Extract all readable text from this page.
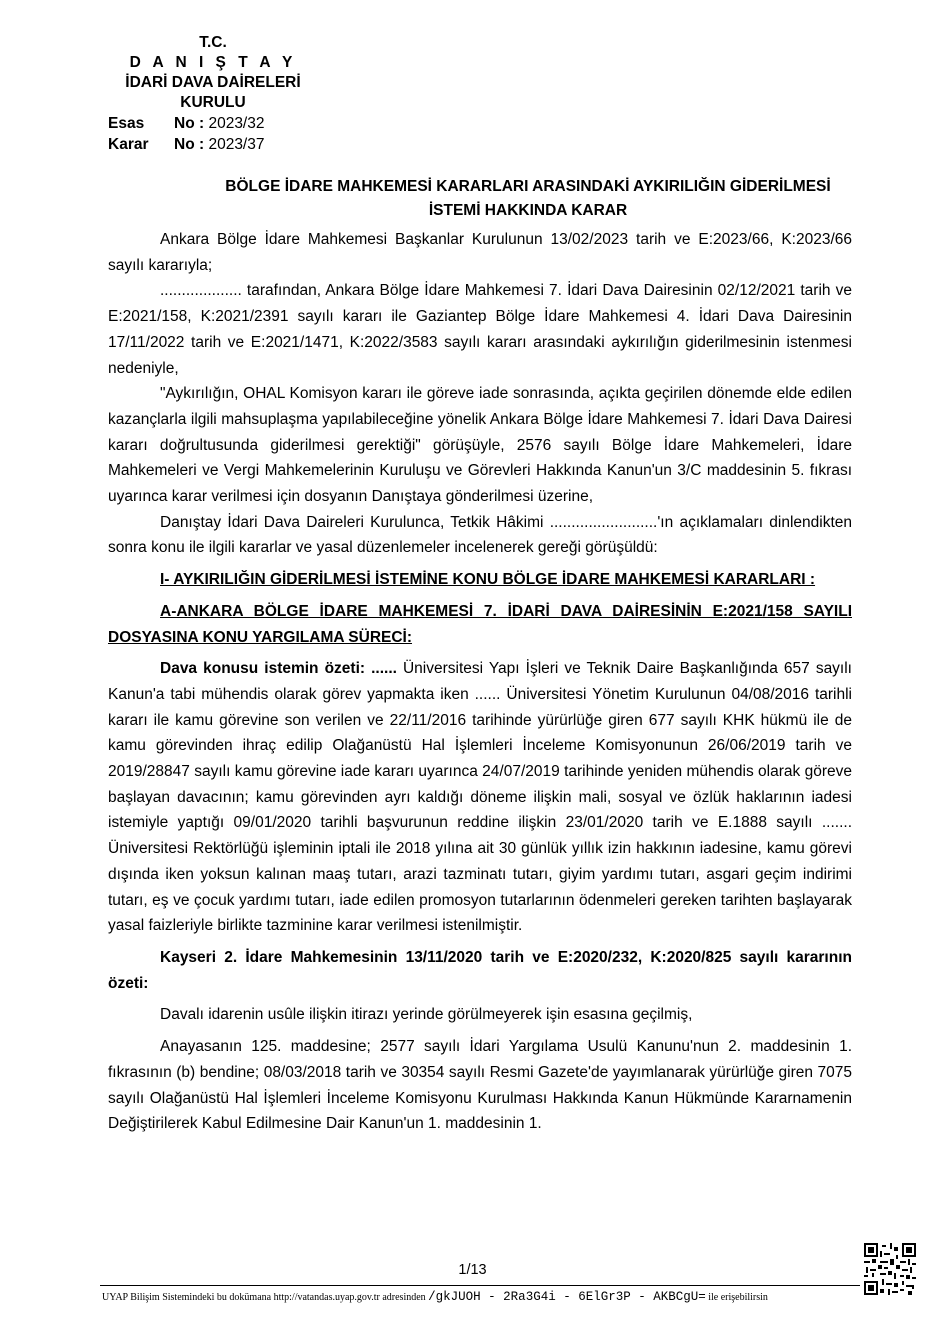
T.C.
D A N I Ş T A Y
İDARİ DAVA DAİRELERİ
KURULU
Esas No : 2023/32
Karar No : 2023/37
BÖLGE İDARE MAHKEMESİ KARARLARI ARASINDAKİ AYKIRILIĞIN GİDERİLMESİ
İSTEMİ HAKKINDA KARAR

Ankara Bölge İdare Mahkemesi Başkanlar Kurulunun 13/02/2023 tarih ve E:2023/66, K:2023/66 sayılı kararıyla;

................... tarafından, Ankara Bölge İdare Mahkemesi 7. İdari Dava Dairesinin 02/12/2021 tarih ve E:2021/158, K:2021/2391 sayılı kararı ile Gaziantep Bölge İdare Mahkemesi 4. İdari Dava Dairesinin 17/11/2022 tarih ve E:2021/1471, K:2022/3583 sayılı kararı arasındaki aykırılığın giderilmesinin istenmesi nedeniyle,

"Aykırılığın, OHAL Komisyon kararı ile göreve iade sonrasında, açıkta geçirilen dönemde elde edilen kazançlarla ilgili mahsuplaşma yapılabileceğine yönelik Ankara Bölge İdare Mahkemesi 7. İdari Dava Dairesi kararı doğrultusunda giderilmesi gerektiği" görüşüyle, 2576 sayılı Bölge İdare Mahkemeleri, İdare Mahkemeleri ve Vergi Mahkemelerinin Kuruluşu ve Görevleri Hakkında Kanun'un 3/C maddesinin 5. fıkrası uyarınca karar verilmesi için dosyanın Danıştaya gönderilmesi üzerine,

Danıştay İdari Dava Daireleri Kurulunca, Tetkik Hâkimi .........................'ın açıklamaları dinlendikten sonra konu ile ilgili kararlar ve yasal düzenlemeler incelenerek gereği görüşüldü:

I- AYKIRILIĞIN GİDERİLMESİ İSTEMİNE KONU BÖLGE İDARE MAHKEMESİ KARARLARI :

A-ANKARA BÖLGE İDARE MAHKEMESİ 7. İDARİ DAVA DAİRESİNİN E:2021/158 SAYILI DOSYASINA KONU YARGILAMA SÜRECİ:

Dava konusu istemin özeti: ...... Üniversitesi Yapı İşleri ve Teknik Daire Başkanlığında 657 sayılı Kanun'a tabi mühendis olarak görev yapmakta iken ...... Üniversitesi Yönetim Kurulunun 04/08/2016 tarihli kararı ile kamu görevine son verilen ve 22/11/2016 tarihinde yürürlüğe giren 677 sayılı KHK hükmü ile de kamu görevinden ihraç edilip Olağanüstü Hal İşlemleri İnceleme Komisyonunun 26/06/2019 tarih ve 2019/28847 sayılı kamu görevine iade kararı uyarınca 24/07/2019 tarihinde yeniden mühendis olarak göreve başlayan davacının; kamu görevinden ayrı kaldığı döneme ilişkin mali, sosyal ve özlük haklarının iadesi istemiyle yaptığı 09/01/2020 tarihli başvurunun reddine ilişkin 23/01/2020 tarih ve E.1888 sayılı ....... Üniversitesi Rektörlüğü işleminin iptali ile 2018 yılına ait 30 günlük yıllık izin hakkının iadesine, kamu görevi dışında iken yoksun kalınan maaş tutarı, arazi tazminatı tutarı, giyim yardımı tutarı, asgari geçim indirimi tutarı, eş ve çocuk yardımı tutarı, iade edilen promosyon tutarlarının ödenmeleri gereken tarihten başlayarak yasal faizleriyle birlikte tazminine karar verilmesi istenilmiştir.

Kayseri 2. İdare Mahkemesinin 13/11/2020 tarih ve E:2020/232, K:2020/825 sayılı kararının özeti:

Davalı idarenin usûle ilişkin itirazı yerinde görülmeyerek işin esasına geçilmiş,

Anayasanın 125. maddesine; 2577 sayılı İdari Yargılama Usulü Kanunu'nun 2. maddesinin 1. fıkrasının (b) bendine; 08/03/2018 tarih ve 30354 sayılı Resmi Gazete'de yayımlanarak yürürlüğe giren 7075 sayılı Olağanüstü Hal İşlemleri İnceleme Komisyonu Kurulması Hakkında Kanun Hükmünde Kararnamenin Değiştirilerek Kabul Edilmesine Dair Kanun'un 1. maddesinin 1.

1/13
UYAP Bilişim Sistemindeki bu dokümana http://vatandas.uyap.gov.tr adresinden /gkJUOH - 2Ra3G4i - 6ElGr3P - AKBCgU= ile erişebilirsin
